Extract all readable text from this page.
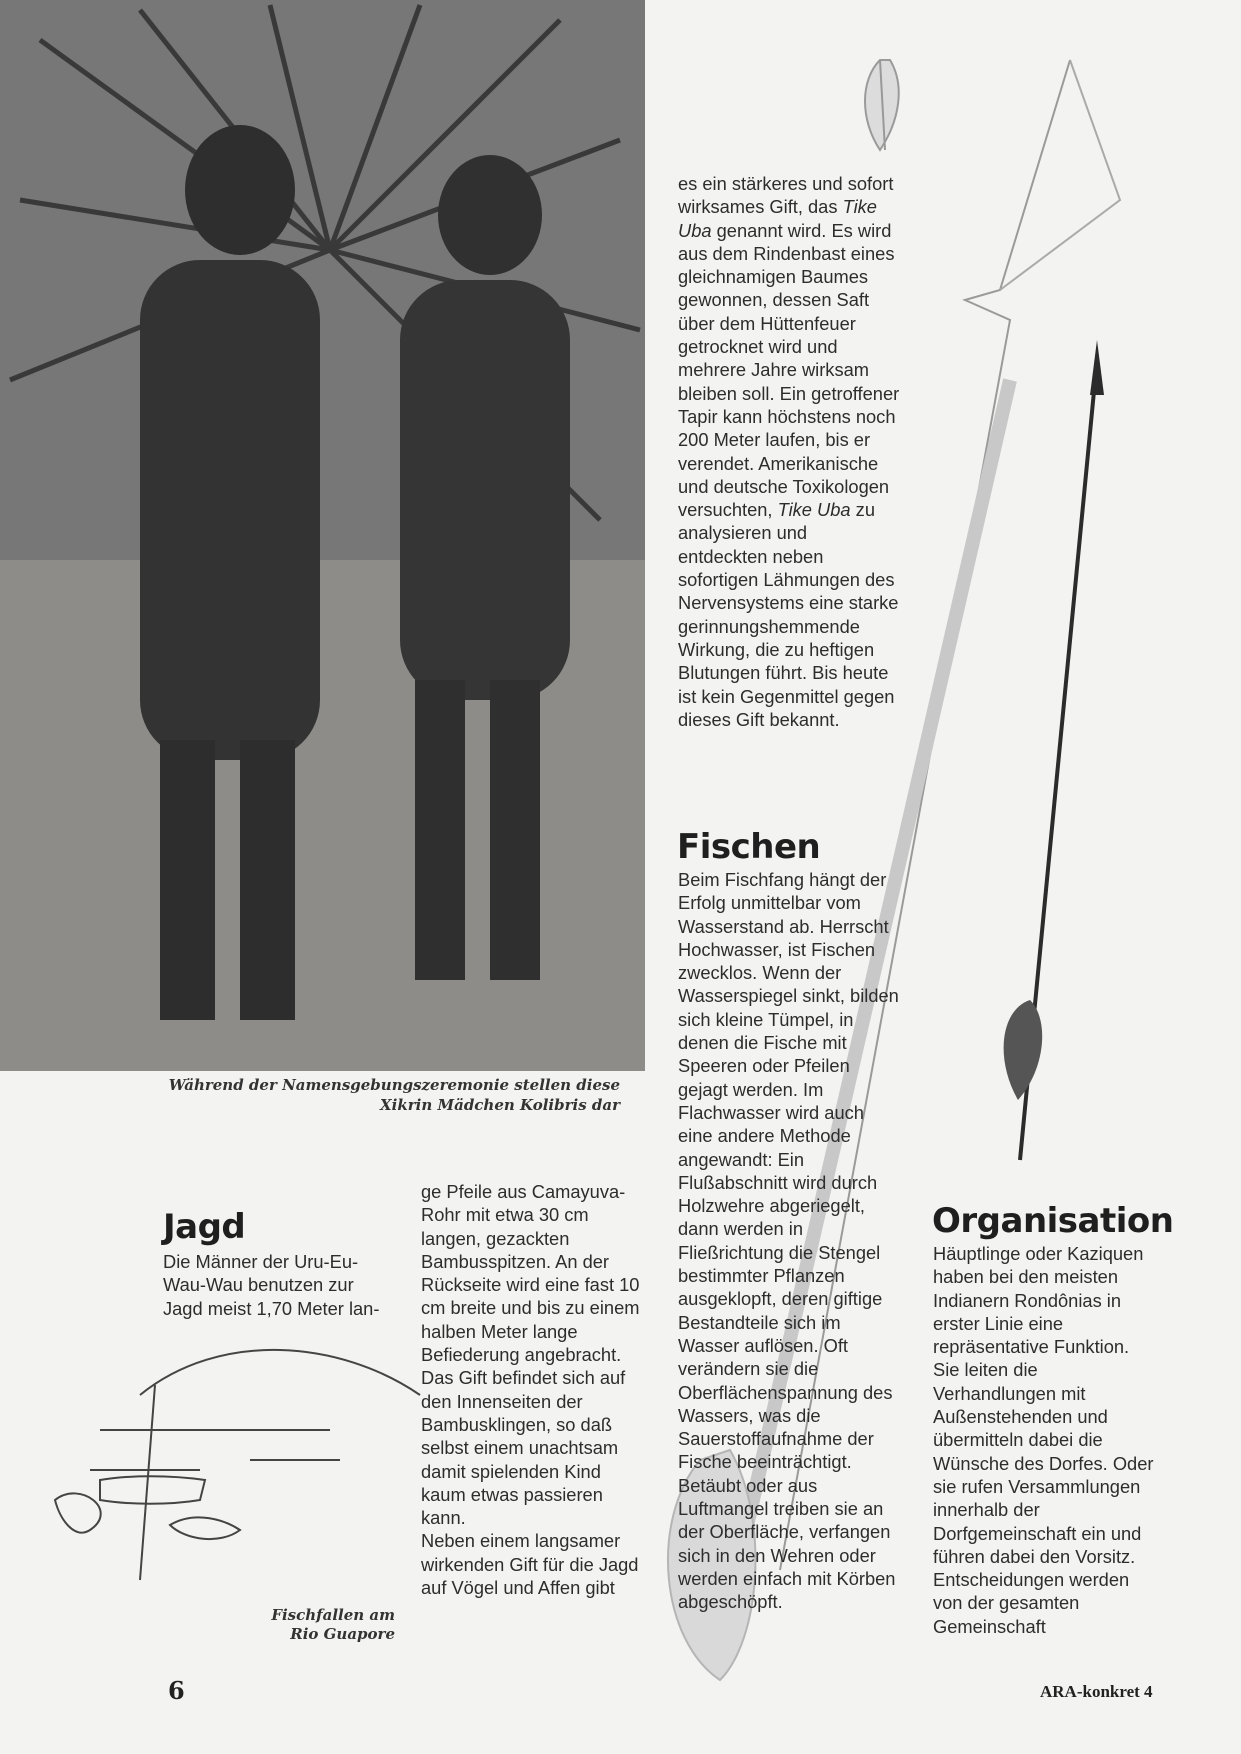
Während der Namensgebungszeremonie stellen diese
Xikrin Mädchen Kolibris dar

es ein stärkeres und sofort wirksames Gift, das Tike Uba genannt wird. Es wird aus dem Rindenbast eines gleichnamigen Baumes gewonnen, dessen Saft über dem Hüttenfeuer getrocknet wird und mehrere Jahre wirksam bleiben soll. Ein getroffener Tapir kann höchstens noch 200 Meter laufen, bis er verendet. Amerikanische und deutsche Toxikologen versuchten, Tike Uba zu analysieren und entdeckten neben sofortigen Lähmungen des Nervensystems eine starke gerinnungshemmende Wirkung, die zu heftigen Blutungen führt. Bis heute ist kein Gegenmittel gegen dieses Gift bekannt.

Fischen

Beim Fischfang hängt der Erfolg unmittelbar vom Wasserstand ab. Herrscht Hochwasser, ist Fischen zwecklos. Wenn der Wasserspiegel sinkt, bilden sich kleine Tümpel, in denen die Fische mit Speeren oder Pfeilen gejagt werden. Im Flachwasser wird auch eine andere Methode angewandt: Ein Flußabschnitt wird durch Holzwehre abgeriegelt, dann werden in Fließrichtung die Stengel bestimmter Pflanzen ausgeklopft, deren giftige Bestandteile sich im Wasser auflösen. Oft verändern sie die Oberflächenspannung des Wassers, was die Sauerstoffaufnahme der Fische beeinträchtigt. Betäubt oder aus Luftmangel treiben sie an der Oberfläche, verfangen sich in den Wehren oder werden einfach mit Körben abgeschöpft.

Jagd

Die Männer der Uru-Eu-Wau-Wau benutzen zur Jagd meist 1,70 Meter lan-

ge Pfeile aus Camayuva-Rohr mit etwa 30 cm langen, gezackten Bambusspitzen. An der Rückseite wird eine fast 10 cm breite und bis zu einem halben Meter lange Befiederung angebracht. Das Gift befindet sich auf den Innenseiten der Bambusklingen, so daß selbst einem unachtsam damit spielenden Kind kaum etwas passieren kann.

Neben einem langsamer wirkenden Gift für die Jagd auf Vögel und Affen gibt

Organisation

Häuptlinge oder Kaziquen haben bei den meisten Indianern Rondônias in erster Linie eine repräsentative Funktion. Sie leiten die Verhandlungen mit Außenstehenden und übermitteln dabei die Wünsche des Dorfes. Oder sie rufen Versammlungen innerhalb der Dorfgemeinschaft ein und führen dabei den Vorsitz. Entscheidungen werden von der gesamten Gemeinschaft

Fischfallen am
Rio Guapore
6	ARA-konkret 4
